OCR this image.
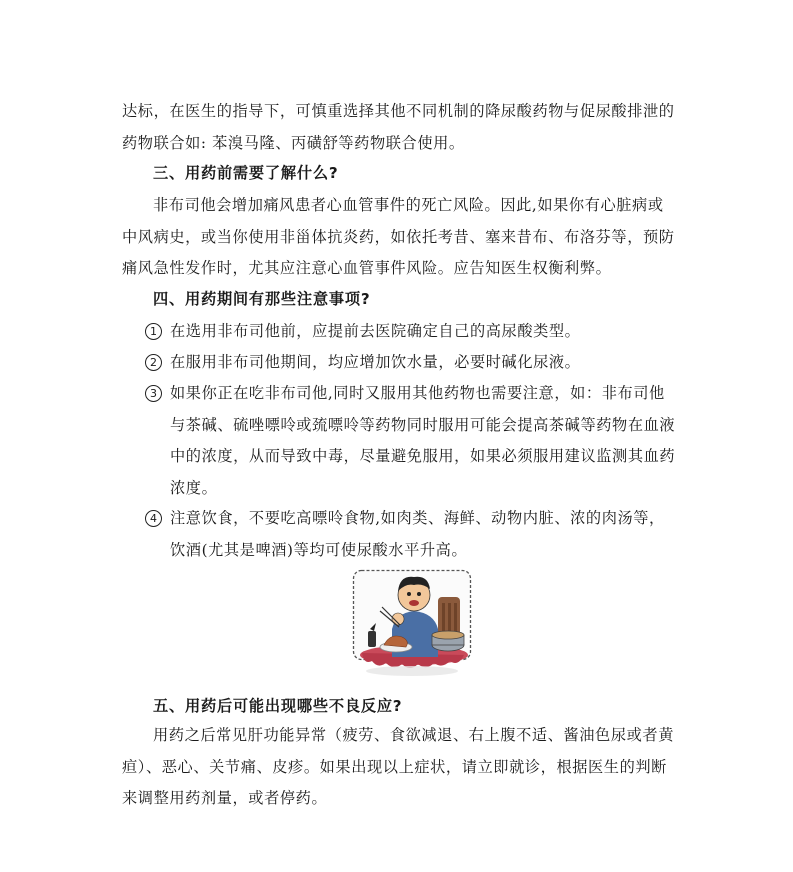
达标，在医生的指导下，可慎重选择其他不同机制的降尿酸药物与促尿酸排泄的药物联合如: 苯溴马隆、丙磺舒等药物联合使用。

三、用药前需要了解什么?

非布司他会增加痛风患者心血管事件的死亡风险。因此,如果你有心脏病或中风病史，或当你使用非甾体抗炎药，如依托考昔、塞来昔布、布洛芬等，预防痛风急性发作时，尤其应注意心血管事件风险。应告知医生权衡利弊。

四、用药期间有那些注意事项?

1 在选用非布司他前，应提前去医院确定自己的高尿酸类型。
2 在服用非布司他期间，均应增加饮水量，必要时碱化尿液。
3 如果你正在吃非布司他,同时又服用其他药物也需要注意，如：非布司他与茶碱、硫唑嘌呤或巯嘌呤等药物同时服用可能会提高茶碱等药物在血液中的浓度，从而导致中毒，尽量避免服用，如果必须服用建议监测其血药浓度。
4 注意饮食，不要吃高嘌呤食物,如肉类、海鲜、动物内脏、浓的肉汤等，饮酒(尤其是啤酒)等均可使尿酸水平升高。

五、用药后可能出现哪些不良反应?

用药之后常见肝功能异常（疲劳、食欲减退、右上腹不适、酱油色尿或者黄疸）、恶心、关节痛、皮疹。如果出现以上症状，请立即就诊，根据医生的判断来调整用药剂量，或者停药。
